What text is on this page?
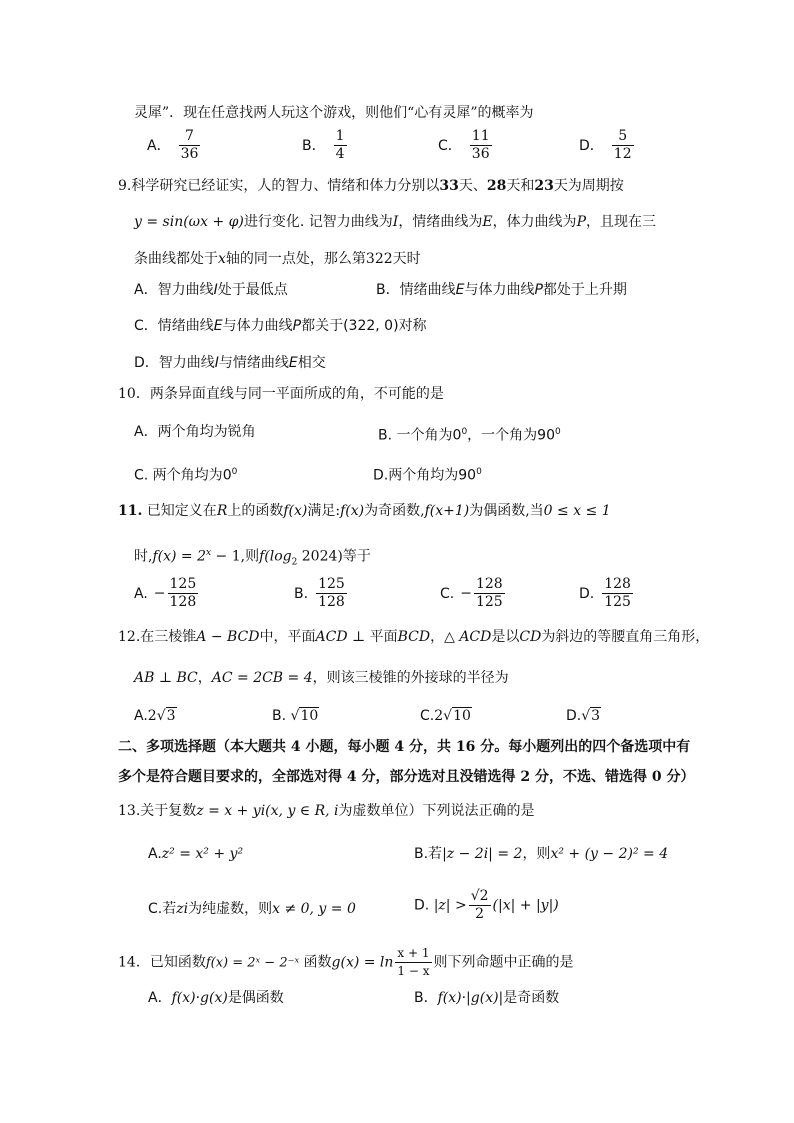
灵犀”．现在任意找两人玩这个游戏，则他们“心有灵犀”的概率为
A． $\frac{7}{36}$	B． $\frac{1}{4}$	C． $\frac{11}{36}$	D． $\frac{5}{12}$
9.科学研究已经证实，人的智力、情绪和体力分别以33天、28天和23天为周期按
y = sin(ωx + φ)进行变化. 记智力曲线为I，情绪曲线为E，体力曲线为P，且现在三
条曲线都处于x轴的同一点处，那么第322天时
A．智力曲线I处于最低点	B．情绪曲线E与体力曲线P都处于上升期
C．情绪曲线E与体力曲线P都关于(322, 0)对称
D．智力曲线I与情绪曲线E相交
10．两条异面直线与同一平面所成的角，不可能的是
A．两个角均为锐角	B. 一个角为$0^0$，一个角为$90^0$
C. 两个角均为$0^0$	D.两个角均为$90^0$
11. 已知定义在R上的函数f(x)满足:f(x)为奇函数,f(x+1)为偶函数,当0 ≤ x ≤ 1
时$,f(x) = 2^x - 1$,则$f(\log_2$ 2024)等于
A. − $\frac{125}{128}$	B. $\frac{125}{128}$	C. − $\frac{128}{125}$	D. $\frac{128}{125}$
12.在三棱锥A − BCD中，平面ACD ⊥ 平面BCD，△ ACD是以CD为斜边的等腰直角三角形，
AB ⊥ BC，AC = 2CB = 4，则该三棱锥的外接球的半径为
A.2√3	B. √10	C.2√10	D.√3
二、多项选择题（本大题共 4 小题，每小题 4 分，共 16 分。每小题列出的四个备选项中有
多个是符合题目要求的，全部选对得 4 分，部分选对且没错选得 2 分，不选、错选得 0 分）
13.关于复数z = x + yi(x, y ∈ R, i为虚数单位）下列说法正确的是
A.z² = x² + y²	B.若|z − 2i| = 2，则x² + (y − 2)² = 4
C.若zi为纯虚数，则x ≠ 0, y = 0	D. $|z| > \frac{√2}{2} (|x| + |y|)$
14．已知函数f(x) = 2ˣ − 2⁻ˣ 函数$g(x) = \ln \frac{x + 1}{1 - x}$ 则下列命题中正确的是
A．f(x)·g(x)是偶函数	B．f(x)·|g(x)|是奇函数
